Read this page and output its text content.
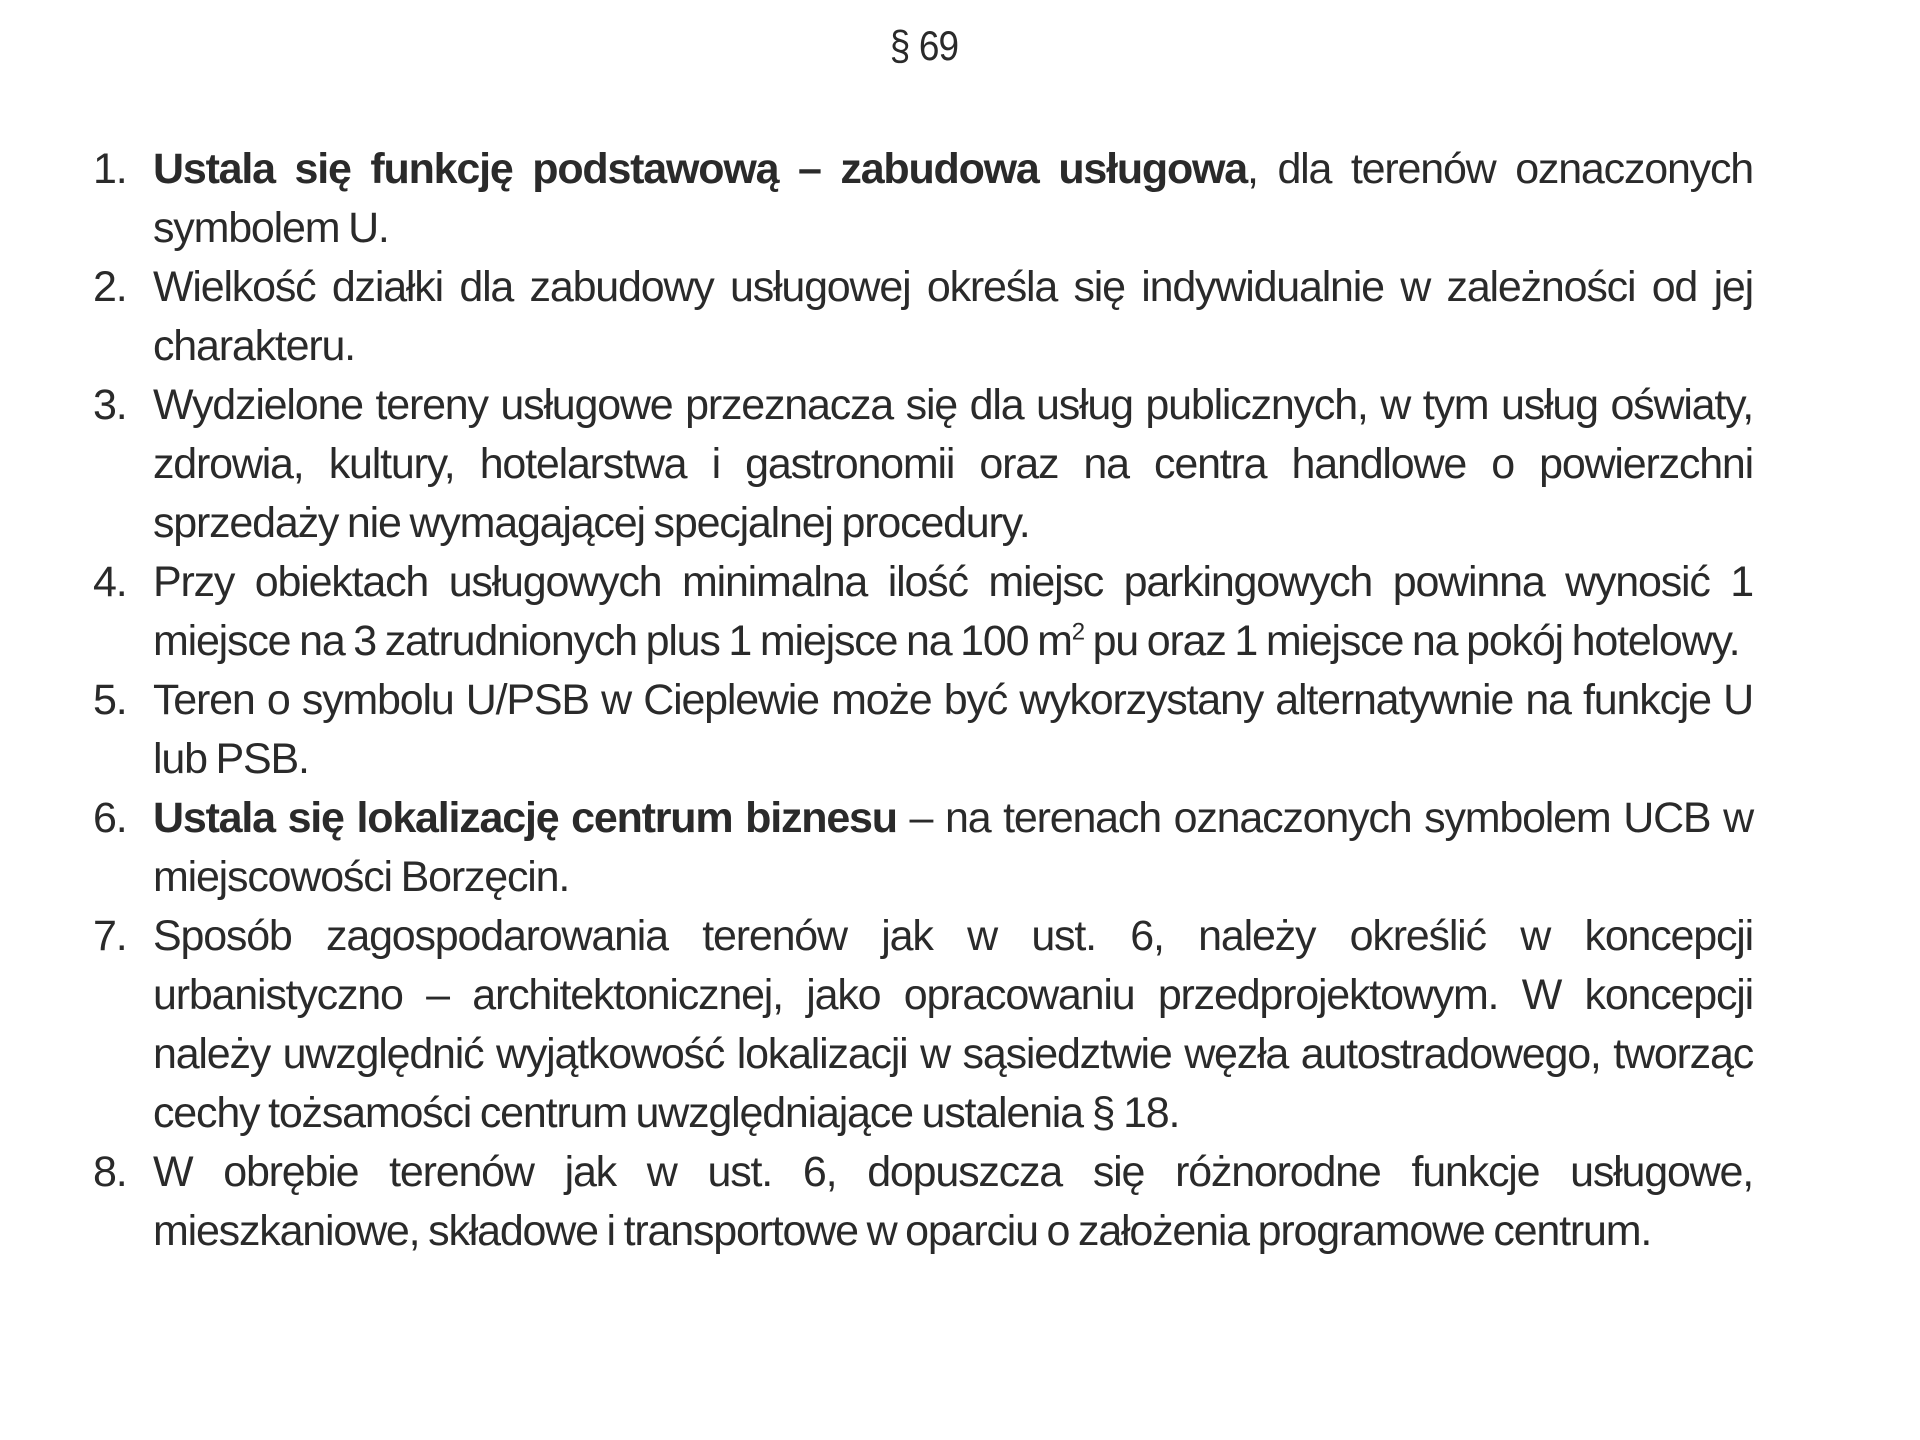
§ 69
1. Ustala się funkcję podstawową – zabudowa usługowa, dla terenów oznaczonych symbolem U.
2. Wielkość działki dla zabudowy usługowej określa się indywidualnie w zależności od jej charakteru.
3. Wydzielone tereny usługowe przeznacza się dla usług publicznych, w tym usług oświaty, zdrowia, kultury, hotelarstwa i gastronomii oraz na centra handlowe o powierzchni sprzedaży nie wymagającej specjalnej procedury.
4. Przy obiektach usługowych minimalna ilość miejsc parkingowych powinna wynosić 1 miejsce na 3 zatrudnionych plus 1 miejsce na 100 $m^2$ pu oraz 1 miejsce na pokój hotelowy.
5. Teren o symbolu U/PSB w Cieplewie może być wykorzystany alternatywnie na funkcje U lub PSB.
6. Ustala się lokalizację centrum biznesu – na terenach oznaczonych symbolem UCB w miejscowości Borzęcin.
7. Sposób zagospodarowania terenów jak w ust. 6, należy określić w koncepcji urbanistyczno – architektonicznej, jako opracowaniu przedprojektowym. W koncepcji należy uwzględnić wyjątkowość lokalizacji w sąsiedztwie węzła autostradowego, tworząc cechy tożsamości centrum uwzględniające ustalenia § 18.
8. W obrębie terenów jak w ust. 6, dopuszcza się różnorodne funkcje usługowe, mieszkaniowe, składowe i transportowe w oparciu o założenia programowe centrum.
